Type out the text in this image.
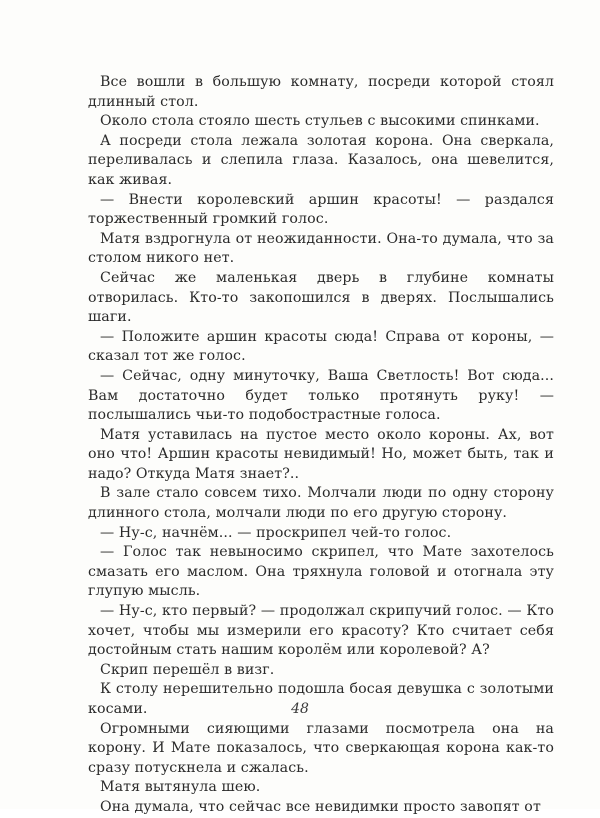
Все вошли в большую комнату, посреди которой стоял длинный стол.

Около стола стояло шесть стульев с высокими спинками.

А посреди стола лежала золотая корона. Она сверкала, переливалась и слепила глаза. Казалось, она шевелится, как живая.

— Внести королевский аршин красоты! — раздался торжественный громкий голос.

Матя вздрогнула от неожиданности. Она-то думала, что за столом никого нет.

Сейчас же маленькая дверь в глубине комнаты отворилась. Кто-то закопошился в дверях. Послышались шаги.

— Положите аршин красоты сюда! Справа от короны, — сказал тот же голос.

— Сейчас, одну минуточку, Ваша Светлость! Вот сюда... Вам достаточно будет только протянуть руку! — послышались чьи-то подобострастные голоса.

Матя уставилась на пустое место около короны. Ах, вот оно что! Аршин красоты невидимый! Но, может быть, так и надо? Откуда Матя знает?..

В зале стало совсем тихо. Молчали люди по одну сторону длинного стола, молчали люди по его другую сторону.

— Ну-с, начнём... — проскрипел чей-то голос.

— Голос так невыносимо скрипел, что Мате захотелось смазать его маслом. Она тряхнула головой и отогнала эту глупую мысль.

— Ну-с, кто первый? — продолжал скрипучий голос. — Кто хочет, чтобы мы измерили его красоту? Кто считает себя достойным стать нашим королём или королевой? А?

Скрип перешёл в визг.

К столу нерешительно подошла босая девушка с золотыми косами.

Огромными сияющими глазами посмотрела она на корону. И Мате показалось, что сверкающая корона как-то сразу потускнела и сжалась.

Матя вытянула шею.

Она думала, что сейчас все невидимки просто завопят от

48
